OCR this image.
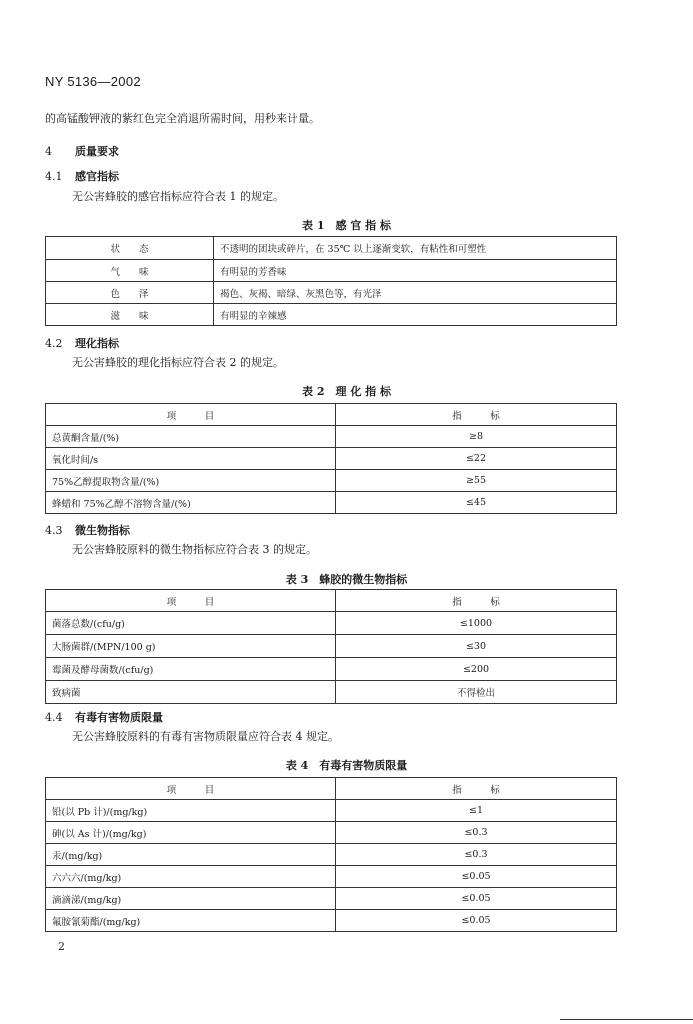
NY 5136—2002
的高锰酸钾液的紫红色完全消退所需时间，用秒来计量。
4 质量要求
4.1 感官指标
无公害蜂胶的感官指标应符合表 1 的规定。
表 1　感 官 指 标
状　　态	不透明的团块或碎片，在 35℃ 以上逐渐变软，有粘性和可塑性
气　　味	有明显的芳香味
色　　泽	褐色、灰褐、暗绿、灰黑色等，有光泽
滋　　味	有明显的辛辣感
4.2 理化指标
无公害蜂胶的理化指标应符合表 2 的规定。
表 2　理 化 指 标
项　　　目	指　　　标
总黄酮含量/(%)	≥8
氧化时间/s	≤22
75%乙醇提取物含量/(%)	≥55
蜂蜡和 75%乙醇不溶物含量/(%)	≤45
4.3 微生物指标
无公害蜂胶原料的微生物指标应符合表 3 的规定。
表 3　蜂胶的微生物指标
项　　　目	指　　　标
菌落总数/(cfu/g)	≤1000
大肠菌群/(MPN/100 g)	≤30
霉菌及酵母菌数/(cfu/g)	≤200
致病菌	不得检出
4.4 有毒有害物质限量
无公害蜂胶原料的有毒有害物质限量应符合表 4 规定。
表 4　有毒有害物质限量
项　　　目	指　　　标
铅(以 Pb 计)/(mg/kg)	≤1
砷(以 As 计)/(mg/kg)	≤0.3
汞/(mg/kg)	≤0.3
六六六/(mg/kg)	≤0.05
滴滴涕/(mg/kg)	≤0.05
氟胺氰菊酯/(mg/kg)	≤0.05
2
